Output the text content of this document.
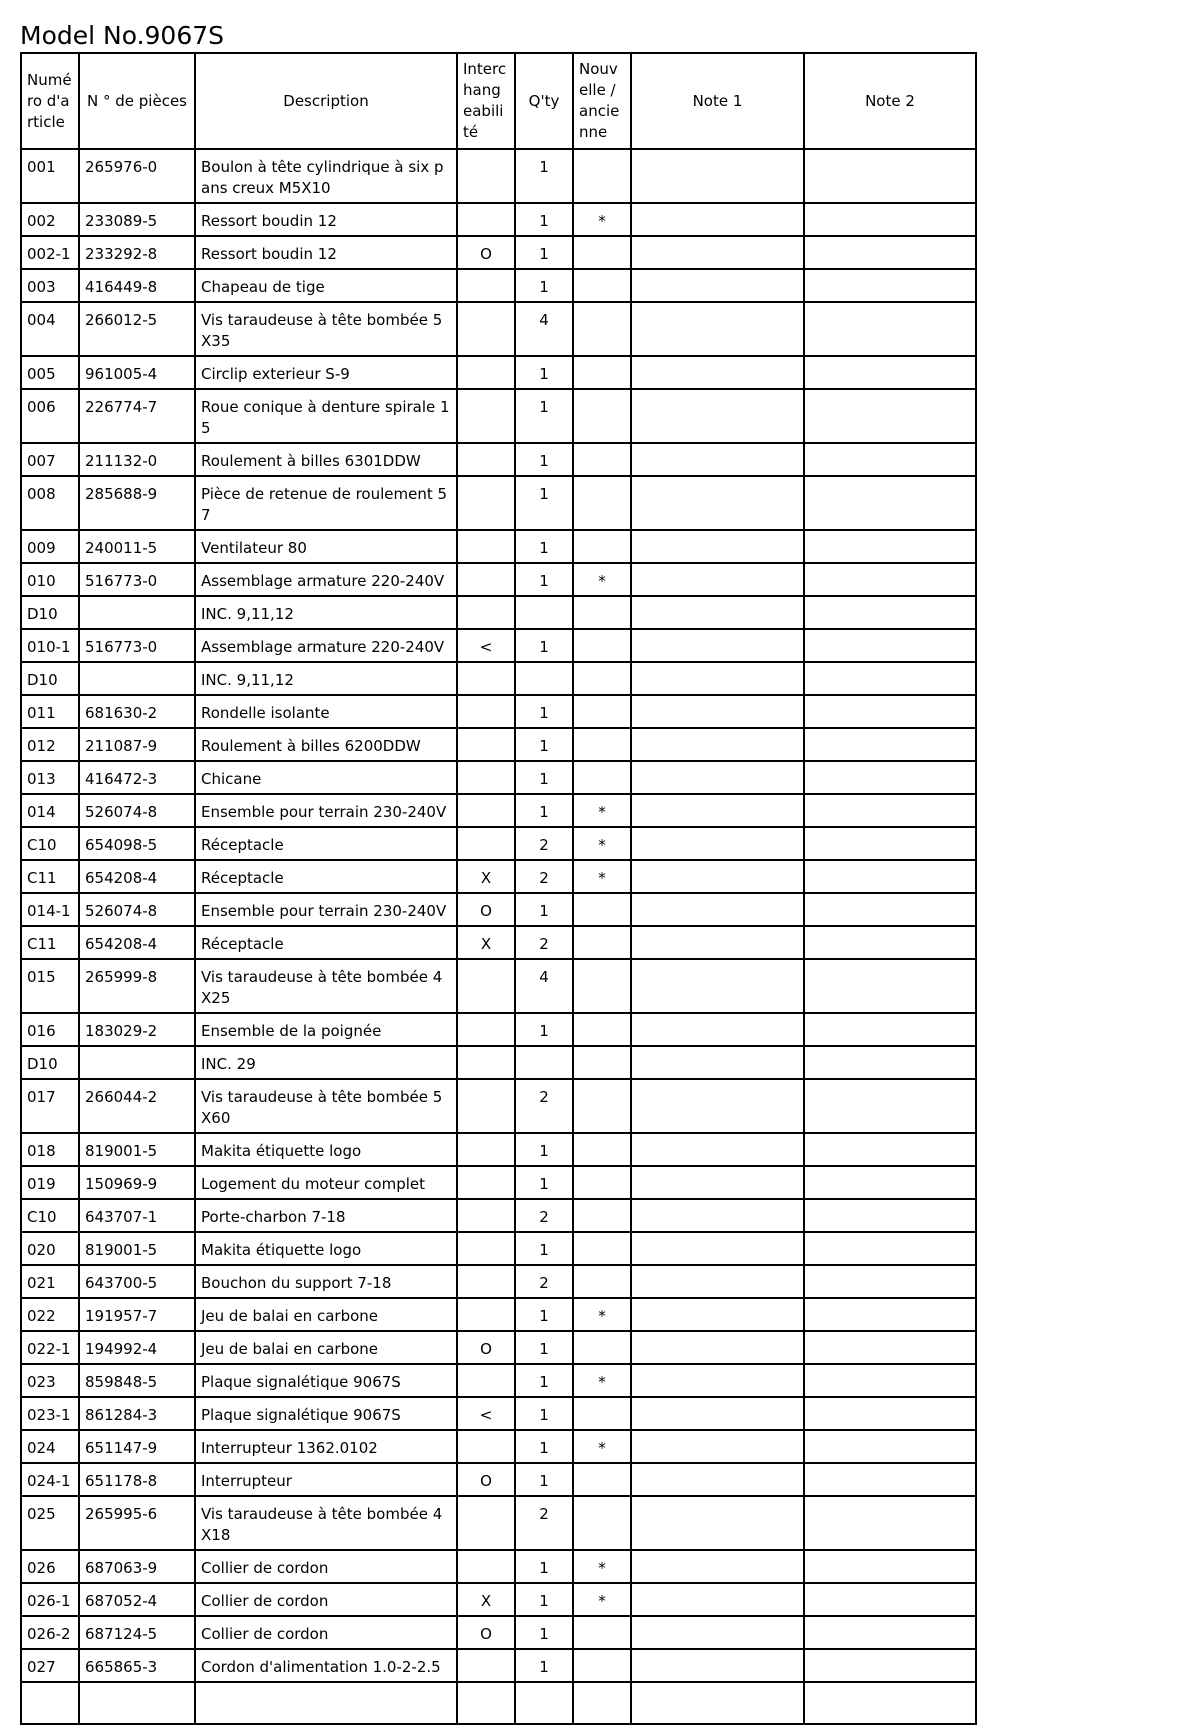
Model No.9067S
Numéro d'article	N ° de pièces	Description	Interchangeabilité	Q'ty	Nouvelle / ancienne	Note 1	Note 2
001	265976-0	Boulon à tête cylindrique à six pans creux M5X10		1			
002	233089-5	Ressort boudin 12		1	*		
002-1	233292-8	Ressort boudin 12	O	1			
003	416449-8	Chapeau de tige		1			
004	266012-5	Vis taraudeuse à tête bombée 5X35		4			
005	961005-4	Circlip exterieur S-9		1			
006	226774-7	Roue conique à denture spirale 15		1			
007	211132-0	Roulement à billes 6301DDW		1			
008	285688-9	Pièce de retenue de roulement 57		1			
009	240011-5	Ventilateur 80		1			
010	516773-0	Assemblage armature 220-240V		1	*		
D10		INC. 9,11,12					
010-1	516773-0	Assemblage armature 220-240V	<	1			
D10		INC. 9,11,12					
011	681630-2	Rondelle isolante		1			
012	211087-9	Roulement à billes 6200DDW		1			
013	416472-3	Chicane		1			
014	526074-8	Ensemble pour terrain 230-240V		1	*		
C10	654098-5	Réceptacle		2	*		
C11	654208-4	Réceptacle	X	2	*		
014-1	526074-8	Ensemble pour terrain 230-240V	O	1			
C11	654208-4	Réceptacle	X	2			
015	265999-8	Vis taraudeuse à tête bombée 4X25		4			
016	183029-2	Ensemble de la poignée		1			
D10		INC. 29					
017	266044-2	Vis taraudeuse à tête bombée 5X60		2			
018	819001-5	Makita étiquette logo		1			
019	150969-9	Logement du moteur complet		1			
C10	643707-1	Porte-charbon 7-18		2			
020	819001-5	Makita étiquette logo		1			
021	643700-5	Bouchon du support 7-18		2			
022	191957-7	Jeu de balai en carbone		1	*		
022-1	194992-4	Jeu de balai en carbone	O	1			
023	859848-5	Plaque signalétique 9067S		1	*		
023-1	861284-3	Plaque signalétique 9067S	<	1			
024	651147-9	Interrupteur 1362.0102		1	*		
024-1	651178-8	Interrupteur	O	1			
025	265995-6	Vis taraudeuse à tête bombée 4X18		2			
026	687063-9	Collier de cordon		1	*		
026-1	687052-4	Collier de cordon	X	1	*		
026-2	687124-5	Collier de cordon	O	1			
027	665865-3	Cordon d'alimentation 1.0-2-2.5		1			
